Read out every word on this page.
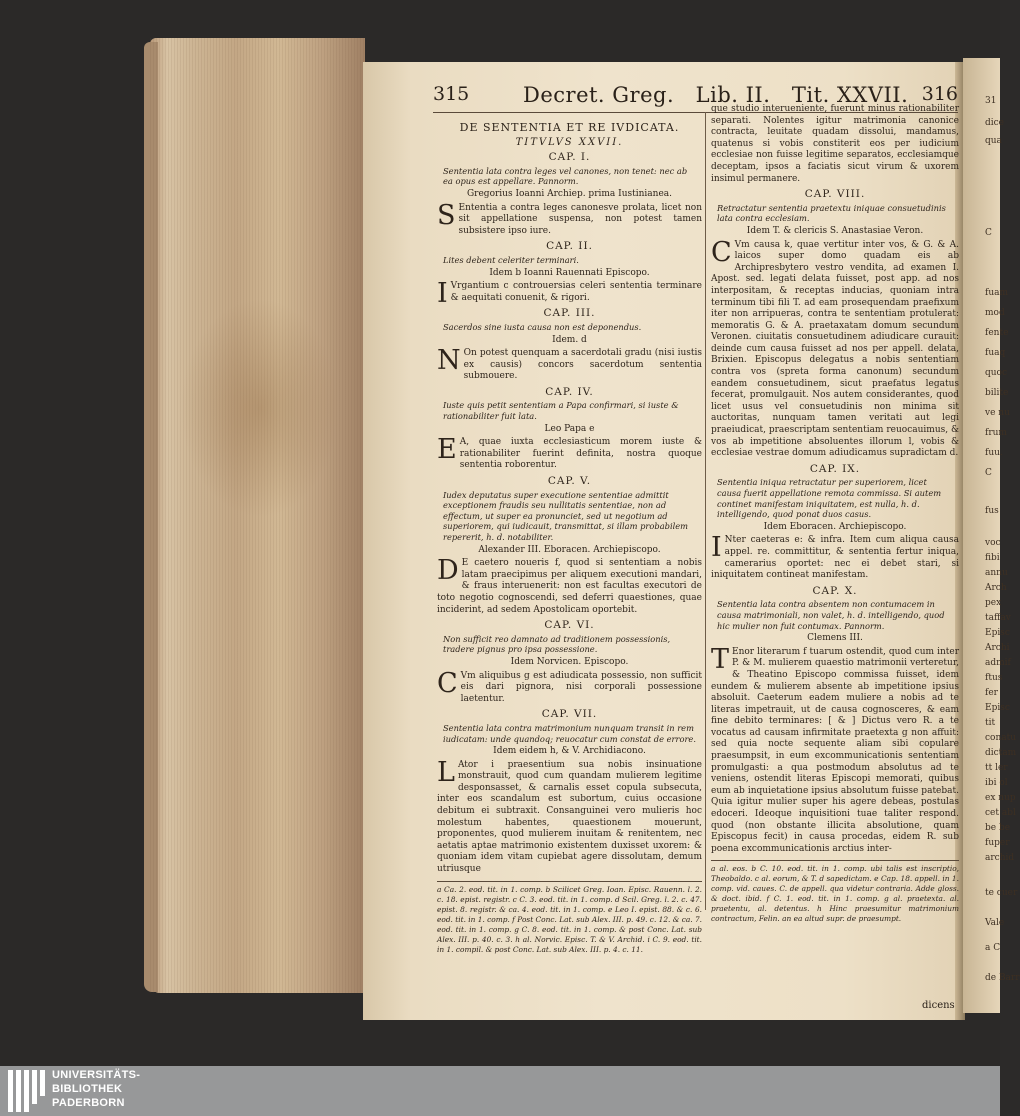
31
dice
qua
C
fuam
mod
fente
fuaq
quoc
bilite
ve nu
frum
fuu.
C
fus
voc
fibi
annu
Arch
pex
taffav
Episc
Archi
admif
ftus
fer
Episc
tit
conatu
dictam
tt ler
ibi ol
ex nup
cet abl
be be
fuper
archid
te cuer
Vale
a C
de Barr
315	Decret. Greg.   Lib. II.   Tit. XXVII. 316
DE SENTENTIA ET RE IVDICATA.
TITVLVS XXVII.
CAP. I.
Sententia lata contra leges vel canones, non tenet: nec ab ea opus est appellare. Pannorm.
Gregorius Ioanni Archiep. prima Iustinianea.
S Ententia a contra leges canonesve prolata, licet non sit appellatione suspensa, non potest tamen subsistere ipso iure.
CAP. II.
Lites debent celeriter terminari.
Idem b Ioanni Rauennati Episcopo.
I Vrgantium c controuersias celeri sententia terminare & aequitati conuenit, & rigori.
CAP. III.
Sacerdos sine iusta causa non est deponendus.
Idem. d
N On potest quenquam a sacerdotali gradu (nisi iustis ex causis) concors sacerdotum sententia submouere.
CAP. IV.
Iuste quis petit sententiam a Papa confirmari, si iuste & rationabiliter fuit lata.
Leo Papa e
E A, quae iuxta ecclesiasticum morem iuste & rationabiliter fuerint definita, nostra quoque sententia roborentur.
CAP. V.
Iudex deputatus super executione sententiae admittit exceptionem fraudis seu nullitatis sententiae, non ad effectum, ut super ea pronunciet, sed ut negotium ad superiorem, qui iudicauit, transmittat, si illam probabilem repererit, h. d. notabiliter.
Alexander III. Eboracen. Archiepiscopo.
D E caetero noueris f, quod si sententiam a nobis latam praecipimus per aliquem executioni mandari, & fraus interuenerit: non est facultas executori de toto negotio cognoscendi, sed deferri quaestiones, quae inciderint, ad sedem Apostolicam oportebit.
CAP. VI.
Non sufficit reo damnato ad traditionem possessionis, tradere pignus pro ipsa possessione.
Idem Norvicen. Episcopo.
C Vm aliquibus g est adiudicata possessio, non sufficit eis dari pignora, nisi corporali possessione laetentur.
CAP. VII.
Sententia lata contra matrimonium nunquam transit in rem iudicatam: unde quandoq; reuocatur cum constat de errore.
Idem eidem h, & V. Archidiacono.
L Ator i praesentium sua nobis insinuatione monstrauit, quod cum quandam mulierem legitime desponsasset, & carnalis esset copula subsecuta, inter eos scandalum est subortum, cuius occasione debitum ei subtraxit. Consanguinei vero mulieris hoc molestum habentes, quaestionem mouerunt, proponentes, quod mulierem inuitam & renitentem, nec aetatis aptae matrimonio existentem duxisset uxorem: & quoniam idem vitam cupiebat agere dissolutam, demum utriusque
a Ca. 2. eod. tit. in 1. comp. b Scilicet Greg. Ioan. Episc. Rauenn. l. 2. c. 18. epist. registr. c C. 3. eod. tit. in 1. comp. d Scil. Greg. l. 2. c. 47. epist. 8. registr. & ca. 4. eod. tit. in 1. comp. e Leo I. epist. 88. & c. 6. eod. tit. in 1. comp. f Post Conc. Lat. sub Alex. III. p. 49. c. 12. & ca. 7. eod. tit. in 1. comp. g C. 8. eod. tit. in 1. comp. & post Conc. Lat. sub Alex. III. p. 40. c. 3. h al. Norvic. Episc. T. & V. Archid. i C. 9. eod. tit. in 1. compil. & post Conc. Lat. sub Alex. III. p. 4. c. 11.
que studio interueniente, fuerunt minus rationabiliter separati. Nolentes igitur matrimonia canonice contracta, leuitate quadam dissolui, mandamus, quatenus si vobis constiterit eos per iudicium ecclesiae non fuisse legitime separatos, ecclesiamque deceptam, ipsos a faciatis sicut virum & uxorem insimul permanere.
CAP. VIII.
Retractatur sententia praetextu iniquae consuetudinis lata contra ecclesiam.
Idem T. & clericis S. Anastasiae Veron.
C Vm causa k, quae vertitur inter vos, & G. & A. laicos super domo quadam eis ab Archipresbytero vestro vendita, ad examen I. Apost. sed. legati delata fuisset, post app. ad nos interpositam, & receptas inducias, quoniam intra terminum tibi fili T. ad eam prosequendam praefixum iter non arripueras, contra te sententiam protulerat: memoratis G. & A. praetaxatam domum secundum Veronen. ciuitatis consuetudinem adiudicare curauit: deinde cum causa fuisset ad nos per appell. delata, Brixien. Episcopus delegatus a nobis sententiam contra vos (spreta forma canonum) secundum eandem consuetudinem, sicut praefatus legatus fecerat, promulgauit. Nos autem considerantes, quod licet usus vel consuetudinis non minima sit auctoritas, nunquam tamen veritati aut legi praeiudicat, praescriptam sententiam reuocauimus, & vos ab impetitione absoluentes illorum l, vobis & ecclesiae vestrae domum adiudicamus supradictam d.
CAP. IX.
Sententia iniqua retractatur per superiorem, licet causa fuerit appellatione remota commissa. Si autem continet manifestam iniquitatem, est nulla, h. d. intelligendo, quod ponat duos casus.
Idem Eboracen. Archiepiscopo.
I Nter caeteras e: & infra. Item cum aliqua causa appel. re. committitur, & sententia fertur iniqua, camerarius oportet: nec ei debet stari, si iniquitatem contineat manifestam.
CAP. X.
Sententia lata contra absentem non contumacem in causa matrimoniali, non valet, h. d. intelligendo, quod hic mulier non fuit contumax. Pannorm.
Clemens III.
T Enor literarum f tuarum ostendit, quod cum inter P. & M. mulierem quaestio matrimonii verteretur, & Theatino Episcopo commissa fuisset, idem eundem & mulierem absente ab impetitione ipsius absoluit. Caeterum eadem muliere a nobis ad te literas impetrauit, ut de causa cognosceres, & eam fine debito terminares: [ & ] Dictus vero R. a te vocatus ad causam infirmitate praetexta g non affuit: sed quia nocte sequente aliam sibi copulare praesumpsit, in eum excommunicationis sententiam promulgasti: a qua postmodum absolutus ad te veniens, ostendit literas Episcopi memorati, quibus eum ab inquietatione ipsius absolutum fuisse patebat. Quia igitur mulier super his agere debeas, postulas edoceri. Ideoque inquisitioni tuae taliter respond. quod (non obstante illicita absolutione, quam Episcopus fecit) in causa procedas, eidem R. sub poena excommunicationis arctius inter-
a al. eos. b C. 10. eod. tit. in 1. comp. ubi talis est inscriptio, Theobaldo. c al. eorum, & T. d sapedictam. e Cap. 18. appell. in 1. comp. vid. caues. C. de appell. qua videtur contraria. Adde gloss. & doct. ibid. f C. 1. eod. tit. in 1. comp. g al. praetexta. al. praetentu, al. detentus. h Hinc praesumitur matrimonium contractum, Felin. an ea altud supr. de praesumpt.
dicens
UNIVERSITÄTS-
BIBLIOTHEK
PADERBORN
